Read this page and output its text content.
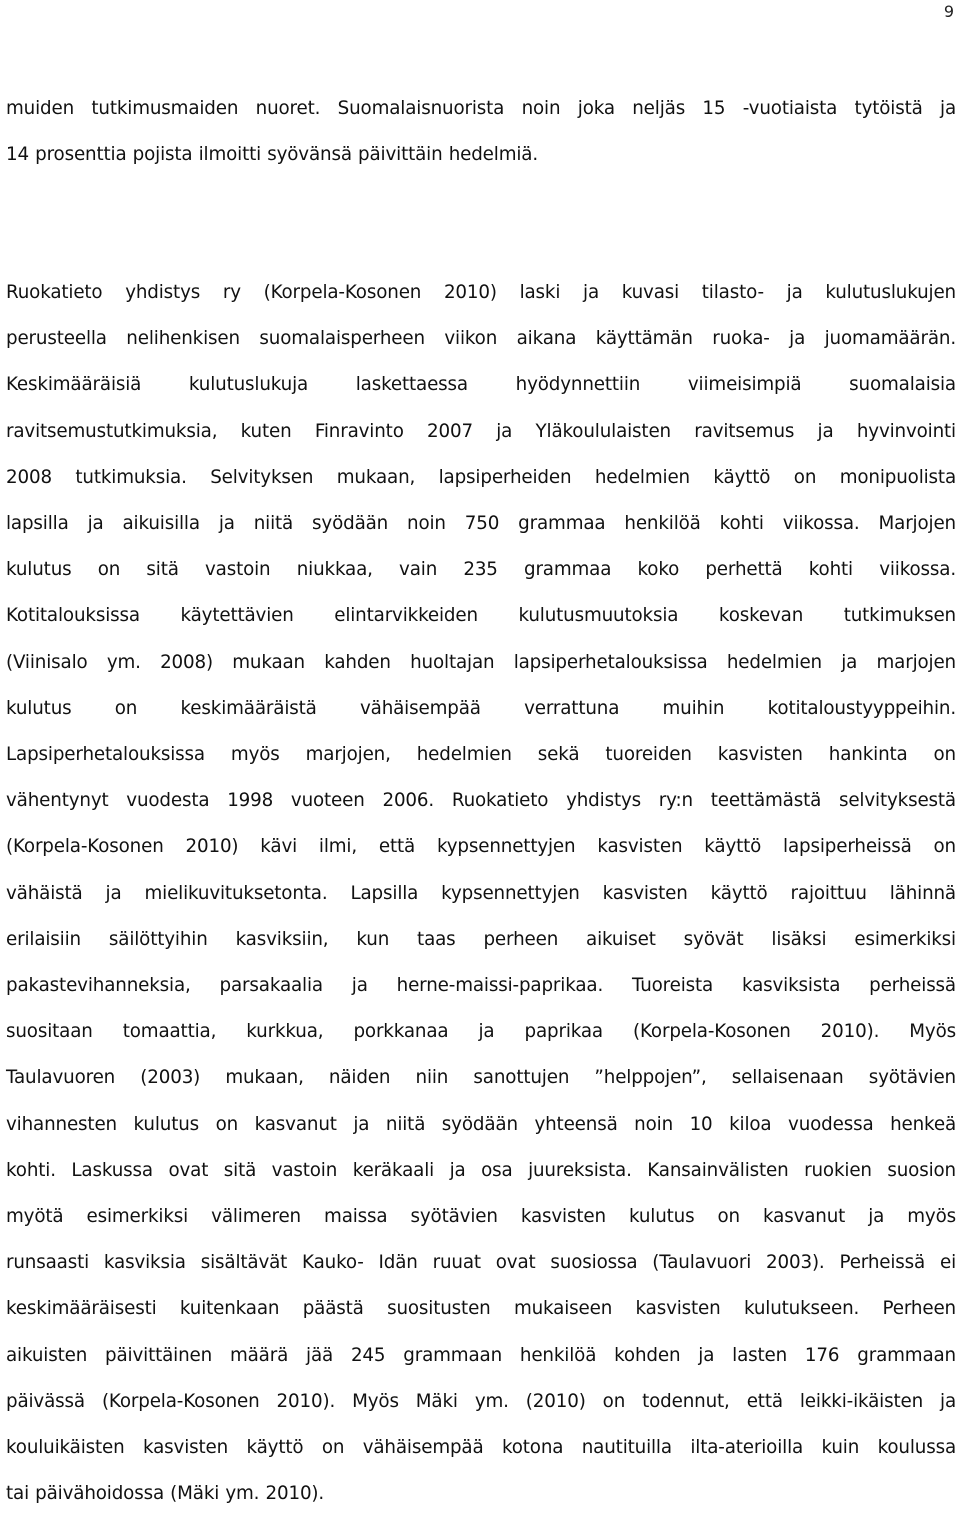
9
muiden tutkimusmaiden nuoret. Suomalaisnuorista noin joka neljäs 15 -vuotiaista tytöistä ja
14 prosenttia pojista ilmoitti syövänsä päivittäin hedelmiä.
Ruokatieto yhdistys ry (Korpela-Kosonen 2010) laski ja kuvasi tilasto- ja kulutuslukujen
perusteella nelihenkisen suomalaisperheen viikon aikana käyttämän ruoka- ja juomamäärän.
Keskimääräisiä kulutuslukuja laskettaessa hyödynnettiin viimeisimpiä suomalaisia
ravitsemustutkimuksia, kuten Finravinto 2007 ja Yläkoululaisten ravitsemus ja hyvinvointi
2008 tutkimuksia. Selvityksen mukaan, lapsiperheiden hedelmien käyttö on monipuolista
lapsilla ja aikuisilla ja niitä syödään noin 750 grammaa henkilöä kohti viikossa. Marjojen
kulutus on sitä vastoin niukkaa, vain 235 grammaa koko perhettä kohti viikossa.
Kotitalouksissa käytettävien elintarvikkeiden kulutusmuutoksia koskevan tutkimuksen
(Viinisalo ym. 2008) mukaan kahden huoltajan lapsiperhetalouksissa hedelmien ja marjojen
kulutus on keskimääräistä vähäisempää verrattuna muihin kotitaloustyyppeihin.
Lapsiperhetalouksissa myös marjojen, hedelmien sekä tuoreiden kasvisten hankinta on
vähentynyt vuodesta 1998 vuoteen 2006. Ruokatieto yhdistys ry:n teettämästä selvityksestä
(Korpela-Kosonen 2010) kävi ilmi, että kypsennettyjen kasvisten käyttö lapsiperheissä on
vähäistä ja mielikuvituksetonta. Lapsilla kypsennettyjen kasvisten käyttö rajoittuu lähinnä
erilaisiin säilöttyihin kasviksiin, kun taas perheen aikuiset syövät lisäksi esimerkiksi
pakastevihanneksia, parsakaalia ja herne-maissi-paprikaa. Tuoreista kasviksista perheissä
suositaan tomaattia, kurkkua, porkkanaa ja paprikaa (Korpela-Kosonen 2010). Myös
Taulavuoren (2003) mukaan, näiden niin sanottujen ”helppojen”, sellaisenaan syötävien
vihannesten kulutus on kasvanut ja niitä syödään yhteensä noin 10 kiloa vuodessa henkeä
kohti. Laskussa ovat sitä vastoin keräkaali ja osa juureksista. Kansainvälisten ruokien suosion
myötä esimerkiksi välimeren maissa syötävien kasvisten kulutus on kasvanut ja myös
runsaasti kasviksia sisältävät Kauko- Idän ruuat ovat suosiossa (Taulavuori 2003). Perheissä ei
keskimääräisesti kuitenkaan päästä suositusten mukaiseen kasvisten kulutukseen. Perheen
aikuisten päivittäinen määrä jää 245 grammaan henkilöä kohden ja lasten 176 grammaan
päivässä (Korpela-Kosonen 2010). Myös Mäki ym. (2010) on todennut, että leikki-ikäisten ja
kouluikäisten kasvisten käyttö on vähäisempää kotona nautituilla ilta-aterioilla kuin koulussa
tai päivähoidossa (Mäki ym. 2010).
